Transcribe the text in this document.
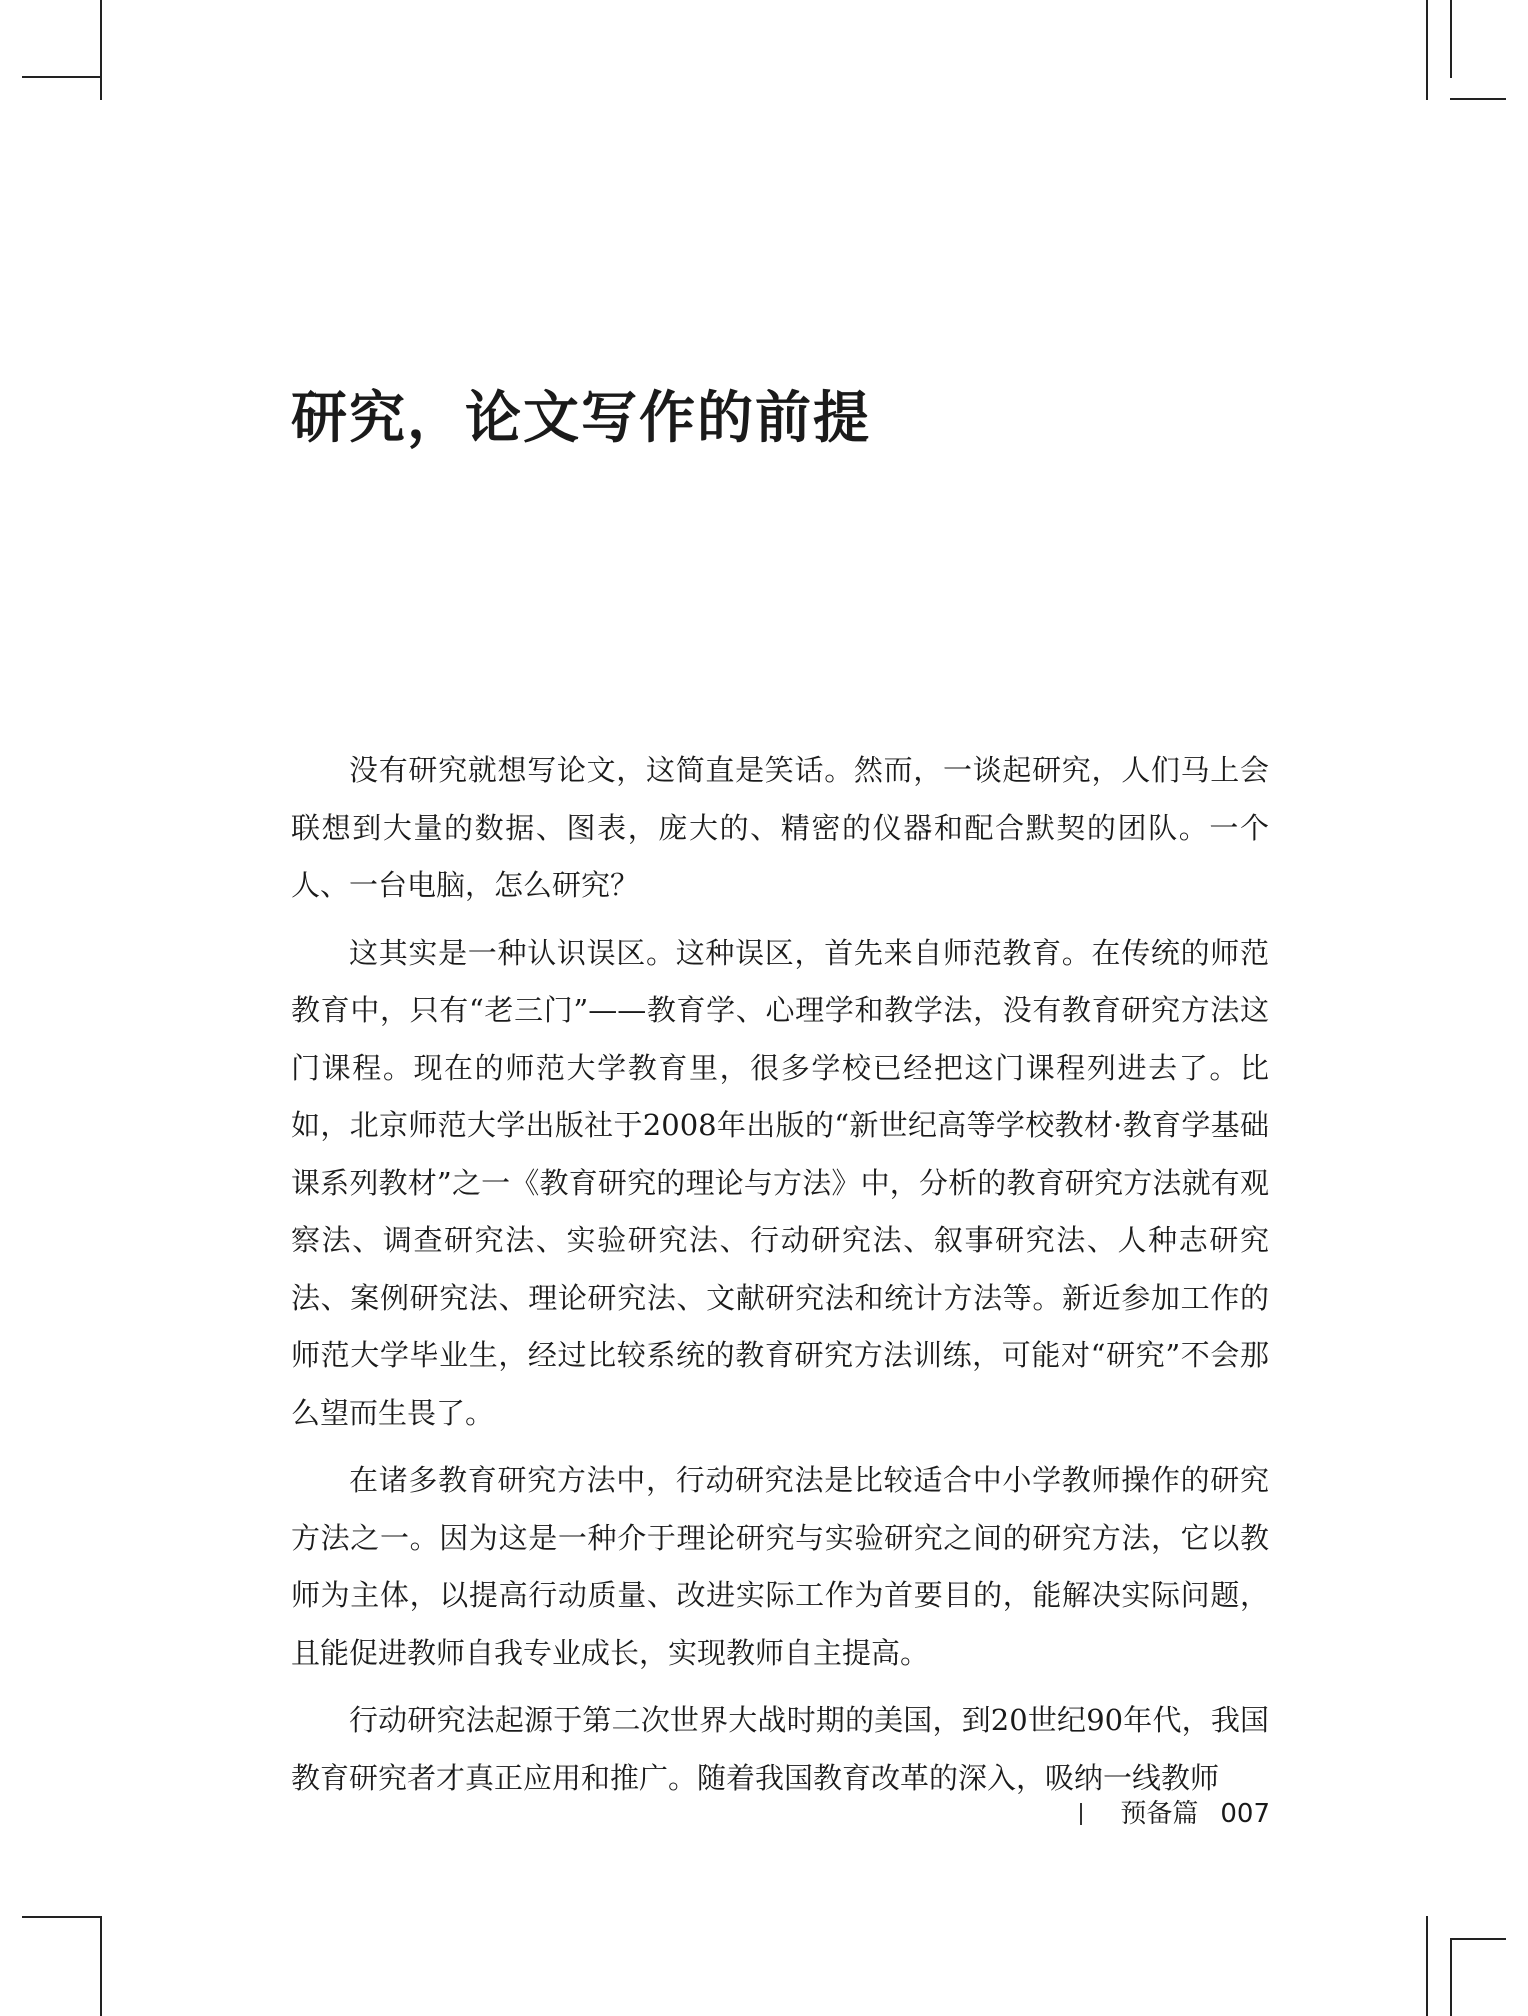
研究，论文写作的前提

没有研究就想写论文，这简直是笑话。然而，一谈起研究，人们马上会联想到大量的数据、图表，庞大的、精密的仪器和配合默契的团队。一个人、一台电脑，怎么研究？

这其实是一种认识误区。这种误区，首先来自师范教育。在传统的师范教育中，只有“老三门”——教育学、心理学和教学法，没有教育研究方法这门课程。现在的师范大学教育里，很多学校已经把这门课程列进去了。比如，北京师范大学出版社于2008年出版的“新世纪高等学校教材·教育学基础课系列教材”之一《教育研究的理论与方法》中，分析的教育研究方法就有观察法、调查研究法、实验研究法、行动研究法、叙事研究法、人种志研究法、案例研究法、理论研究法、文献研究法和统计方法等。新近参加工作的师范大学毕业生，经过比较系统的教育研究方法训练，可能对“研究”不会那么望而生畏了。

在诸多教育研究方法中，行动研究法是比较适合中小学教师操作的研究方法之一。因为这是一种介于理论研究与实验研究之间的研究方法，它以教师为主体，以提高行动质量、改进实际工作为首要目的，能解决实际问题，且能促进教师自我专业成长，实现教师自主提高。

行动研究法起源于第二次世界大战时期的美国，到20世纪90年代，我国教育研究者才真正应用和推广。随着我国教育改革的深入，吸纳一线教师

预备篇 007
